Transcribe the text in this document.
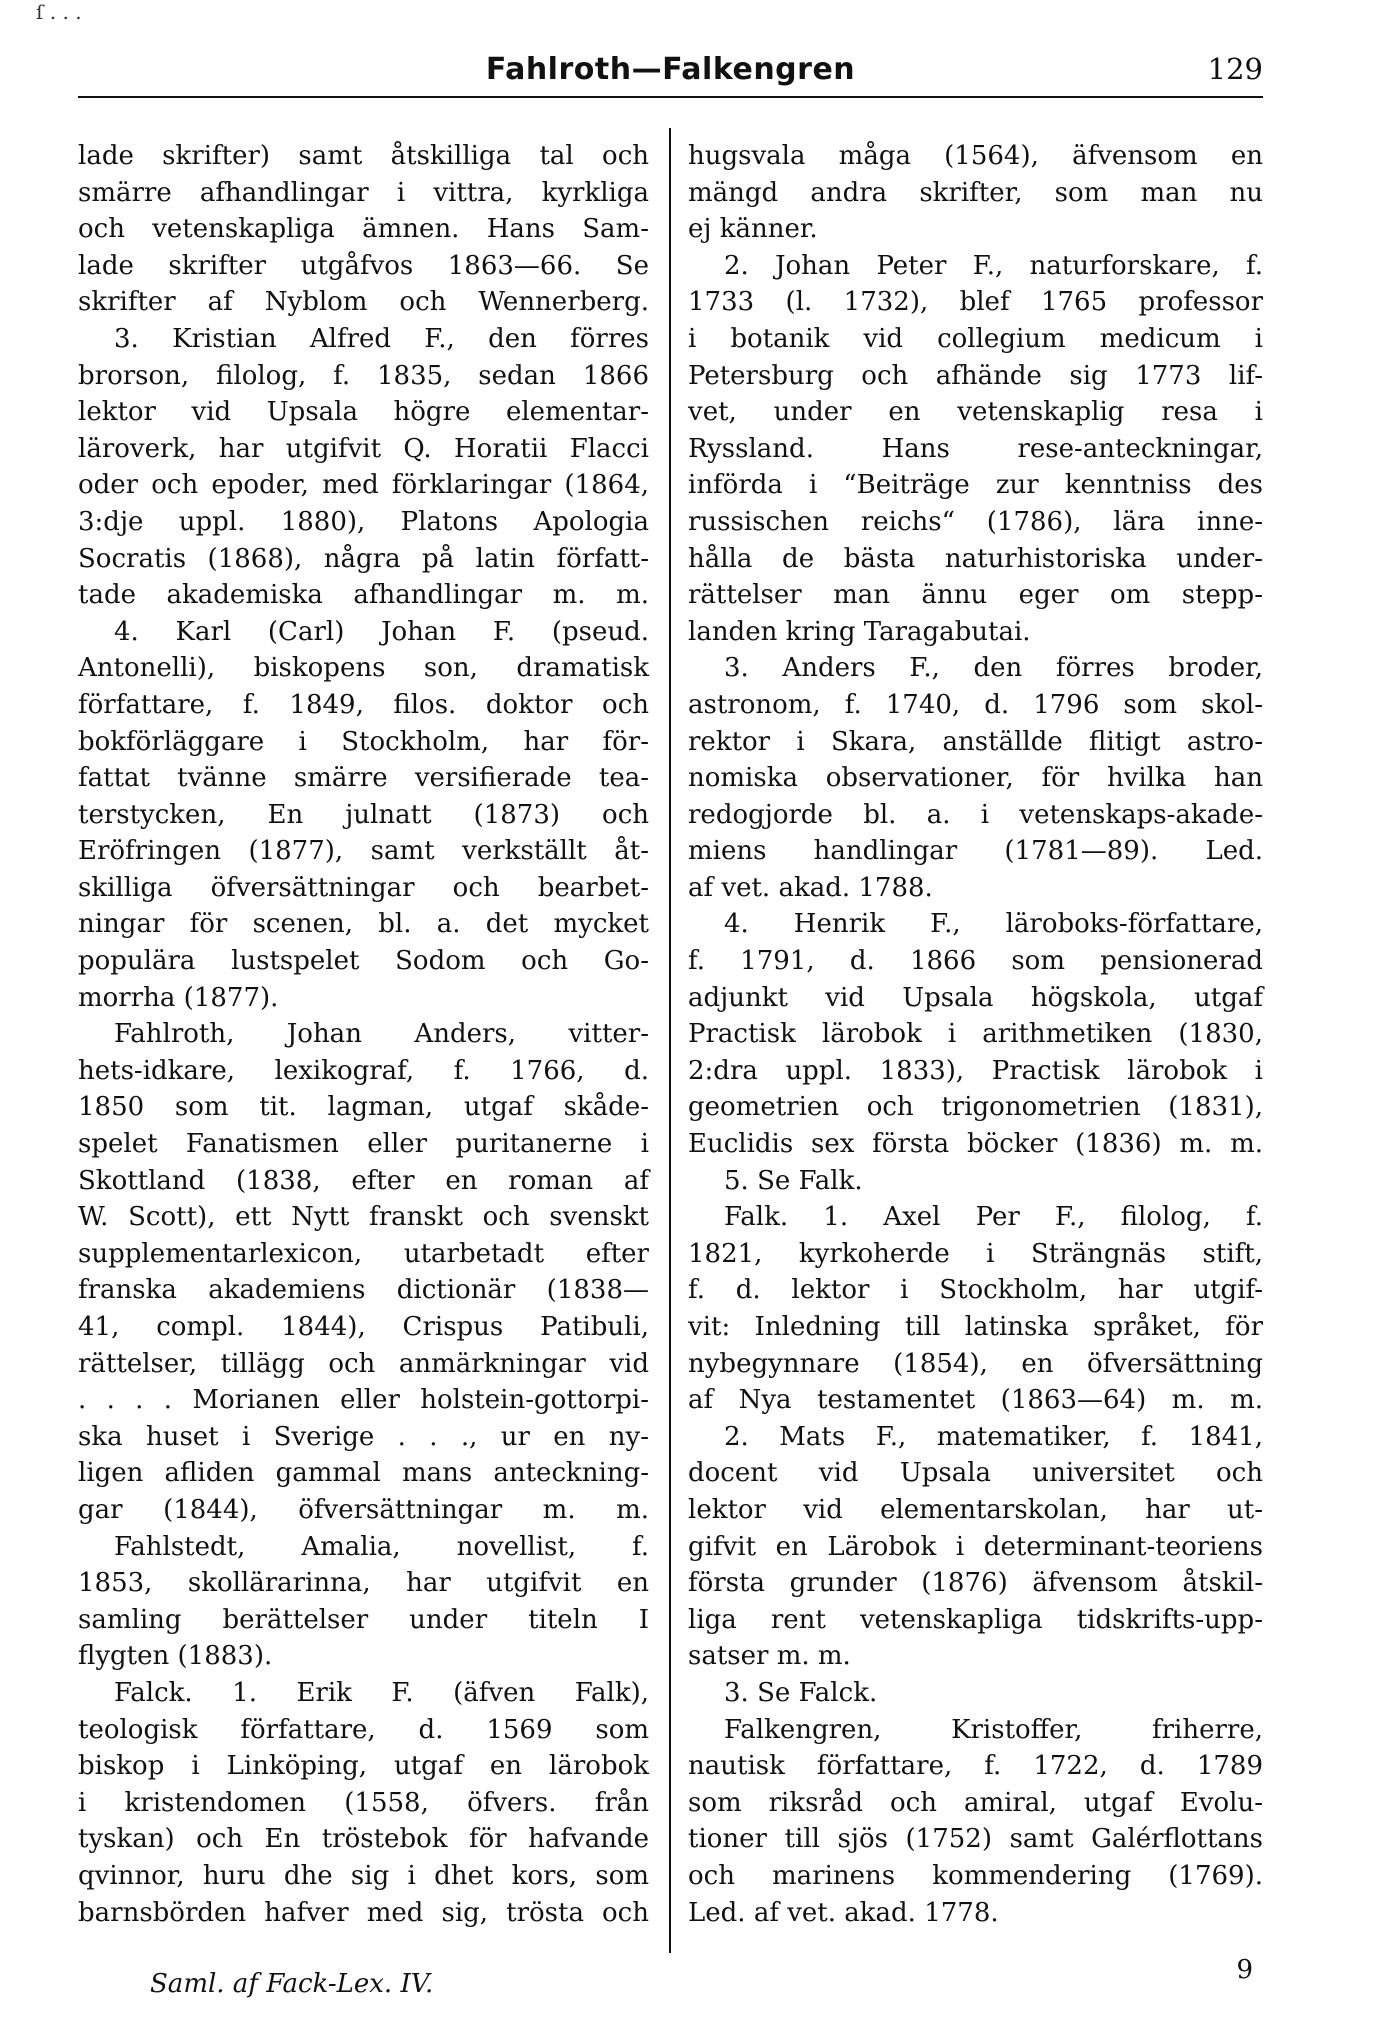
ſ . . .
Fahlroth—Falkengren	129
lade skrifter) samt åtskilliga tal och
smärre afhandlingar i vittra, kyrkliga
och vetenskapliga ämnen. Hans Sam-
lade skrifter utgåfvos 1863—66. Se
skrifter af Nyblom och Wennerberg.
3. Kristian Alfred F., den förres
brorson, filolog, f. 1835, sedan 1866
lektor vid Upsala högre elementar-
läroverk, har utgifvit Q. Horatii Flacci
oder och epoder, med förklaringar (1864,
3:dje uppl. 1880), Platons Apologia
Socratis (1868), några på latin författ-
tade akademiska afhandlingar m. m.
4. Karl (Carl) Johan F. (pseud.
Antonelli), biskopens son, dramatisk
författare, f. 1849, filos. doktor och
bokförläggare i Stockholm, har för-
fattat tvänne smärre versifierade tea-
terstycken, En julnatt (1873) och
Eröfringen (1877), samt verkställt åt-
skilliga öfversättningar och bearbet-
ningar för scenen, bl. a. det mycket
populära lustspelet Sodom och Go-
morrha (1877).
Fahlroth, Johan Anders, vitter-
hets-idkare, lexikograf, f. 1766, d.
1850 som tit. lagman, utgaf skåde-
spelet Fanatismen eller puritanerne i
Skottland (1838, efter en roman af
W. Scott), ett Nytt franskt och svenskt
supplementarlexicon, utarbetadt efter
franska akademiens dictionär (1838—
41, compl. 1844), Crispus Patibuli,
rättelser, tillägg och anmärkningar vid
. . . . Morianen eller holstein-gottorpi-
ska huset i Sverige . . ., ur en ny-
ligen afliden gammal mans anteckning-
gar (1844), öfversättningar m. m.
Fahlstedt, Amalia, novellist, f.
1853, skollärarinna, har utgifvit en
samling berättelser under titeln I
flygten (1883).
Falck. 1. Erik F. (äfven Falk),
teologisk författare, d. 1569 som
biskop i Linköping, utgaf en lärobok
i kristendomen (1558, öfvers. från
tyskan) och En tröstebok för hafvande
qvinnor, huru dhe sig i dhet kors, som
barnsbörden hafver med sig, trösta och
hugsvala måga (1564), äfvensom en
mängd andra skrifter, som man nu
ej känner.
2. Johan Peter F., naturforskare, f.
1733 (l. 1732), blef 1765 professor
i botanik vid collegium medicum i
Petersburg och afhände sig 1773 lif-
vet, under en vetenskaplig resa i
Ryssland. Hans rese-anteckningar,
införda i “Beiträge zur kenntniss des
russischen reichs“ (1786), lära inne-
hålla de bästa naturhistoriska under-
rättelser man ännu eger om stepp-
landen kring Taragabutai.
3. Anders F., den förres broder,
astronom, f. 1740, d. 1796 som skol-
rektor i Skara, anställde flitigt astro-
nomiska observationer, för hvilka han
redogjorde bl. a. i vetenskaps-akade-
miens handlingar (1781—89). Led.
af vet. akad. 1788.
4. Henrik F., läroboks-författare,
f. 1791, d. 1866 som pensionerad
adjunkt vid Upsala högskola, utgaf
Practisk lärobok i arithmetiken (1830,
2:dra uppl. 1833), Practisk lärobok i
geometrien och trigonometrien (1831),
Euclidis sex första böcker (1836) m. m.
5. Se Falk.
Falk. 1. Axel Per F., filolog, f.
1821, kyrkoherde i Strängnäs stift,
f. d. lektor i Stockholm, har utgif-
vit: Inledning till latinska språket, för
nybegynnare (1854), en öfversättning
af Nya testamentet (1863—64) m. m.
2. Mats F., matematiker, f. 1841,
docent vid Upsala universitet och
lektor vid elementarskolan, har ut-
gifvit en Lärobok i determinant-teoriens
första grunder (1876) äfvensom åtskil-
liga rent vetenskapliga tidskrifts-upp-
satser m. m.
3. Se Falck.
Falkengren, Kristoffer, friherre,
nautisk författare, f. 1722, d. 1789
som riksråd och amiral, utgaf Evolu-
tioner till sjös (1752) samt Galérflottans
och marinens kommendering (1769).
Led. af vet. akad. 1778.
Saml. af Fack-Lex. IV.	9
